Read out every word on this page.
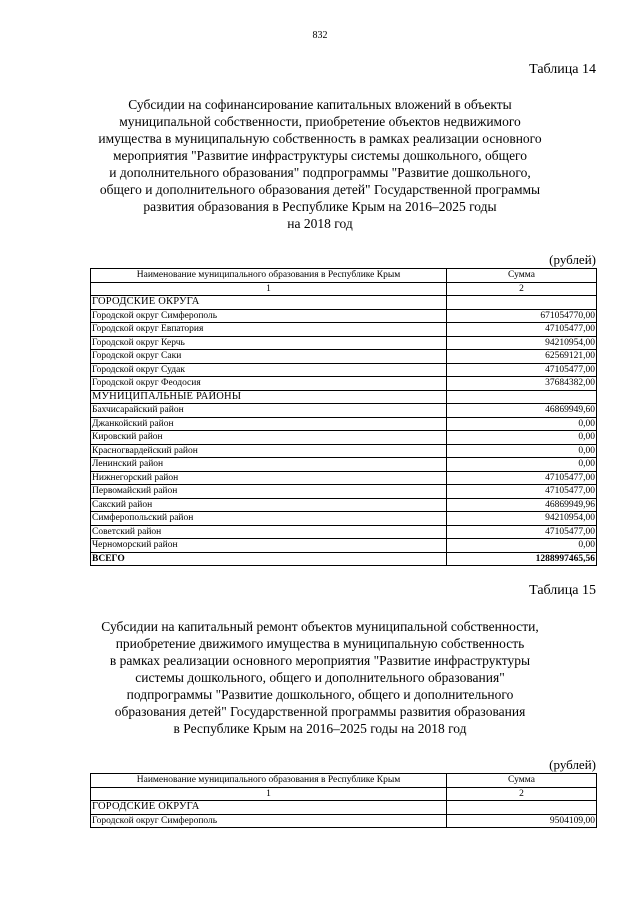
832
Таблица 14
Субсидии на софинансирование капитальных вложений в объекты
муниципальной собственности, приобретение объектов недвижимого
имущества в муниципальную собственность в рамках реализации основного
мероприятия "Развитие инфраструктуры системы дошкольного, общего
и дополнительного образования" подпрограммы "Развитие дошкольного,
общего и дополнительного образования детей" Государственной программы
развития образования в Республике Крым на 2016–2025 годы
на 2018 год
(рублей)
Наименование муниципального образования в Республике Крым	Сумма
1	2
ГОРОДСКИЕ ОКРУГА	
Городской округ Симферополь	671054770,00
Городской округ Евпатория	47105477,00
Городской округ Керчь	94210954,00
Городской округ Саки	62569121,00
Городской округ Судак	47105477,00
Городской округ Феодосия	37684382,00
МУНИЦИПАЛЬНЫЕ РАЙОНЫ	
Бахчисарайский район	46869949,60
Джанкойский район	0,00
Кировский район	0,00
Красногвардейский район	0,00
Ленинский район	0,00
Нижнегорский район	47105477,00
Первомайский район	47105477,00
Сакский район	46869949,96
Симферопольский район	94210954,00
Советский район	47105477,00
Черноморский район	0,00
ВСЕГО	1288997465,56
Таблица 15
Субсидии на капитальный ремонт объектов муниципальной собственности,
приобретение движимого имущества в муниципальную собственность
в рамках реализации основного мероприятия "Развитие инфраструктуры
системы дошкольного, общего и дополнительного образования"
подпрограммы "Развитие дошкольного, общего и дополнительного
образования детей" Государственной программы развития образования
в Республике Крым на 2016–2025 годы на 2018 год
(рублей)
Наименование муниципального образования в Республике Крым	Сумма
1	2
ГОРОДСКИЕ ОКРУГА	
Городской округ Симферополь	9504109,00
